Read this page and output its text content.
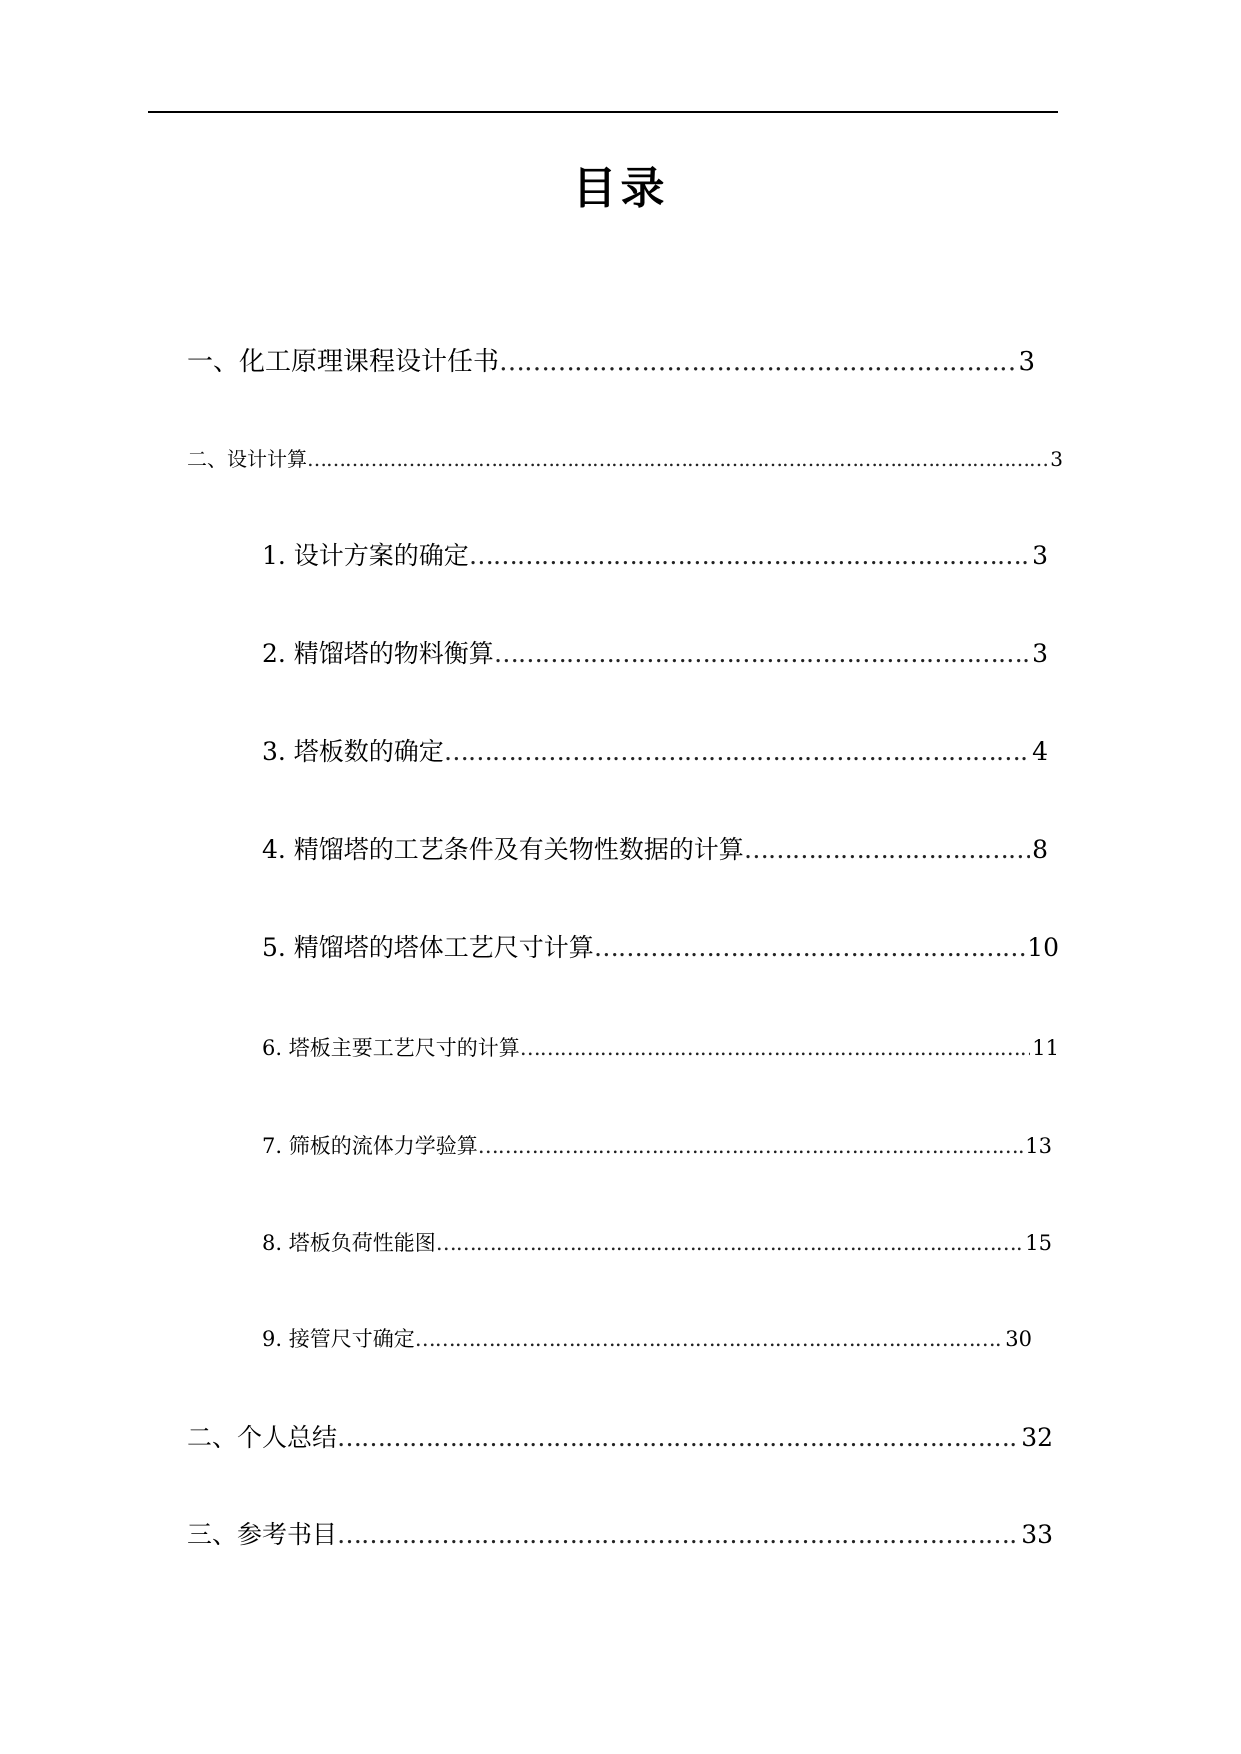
目录
一、化工原理课程设计任书 ………………………………………………………………………………………………………………………………………………………………	3
二、设计计算 ………………………………………………………………………………………………………………………………………………………………	3
1. 设计方案的确定 ………………………………………………………………………………………………………………………………………………………………	3
2. 精馏塔的物料衡算 ………………………………………………………………………………………………………………………………………………………………	3
3. 塔板数的确定 ………………………………………………………………………………………………………………………………………………………………	4
4. 精馏塔的工艺条件及有关物性数据的计算 ………………………………………………………………………………………………………………………………………………………………	8
5. 精馏塔的塔体工艺尺寸计算 ………………………………………………………………………………………………………………………………………………………………	10
6. 塔板主要工艺尺寸的计算 ………………………………………………………………………………………………………………………………………………………………	11
7. 筛板的流体力学验算 ………………………………………………………………………………………………………………………………………………………………	13
8. 塔板负荷性能图 ………………………………………………………………………………………………………………………………………………………………	15
9. 接管尺寸确定 ………………………………………………………………………………………………………………………………………………………………	30
二、个人总结 ………………………………………………………………………………………………………………………………………………………………	32
三、参考书目 ………………………………………………………………………………………………………………………………………………………………	33
